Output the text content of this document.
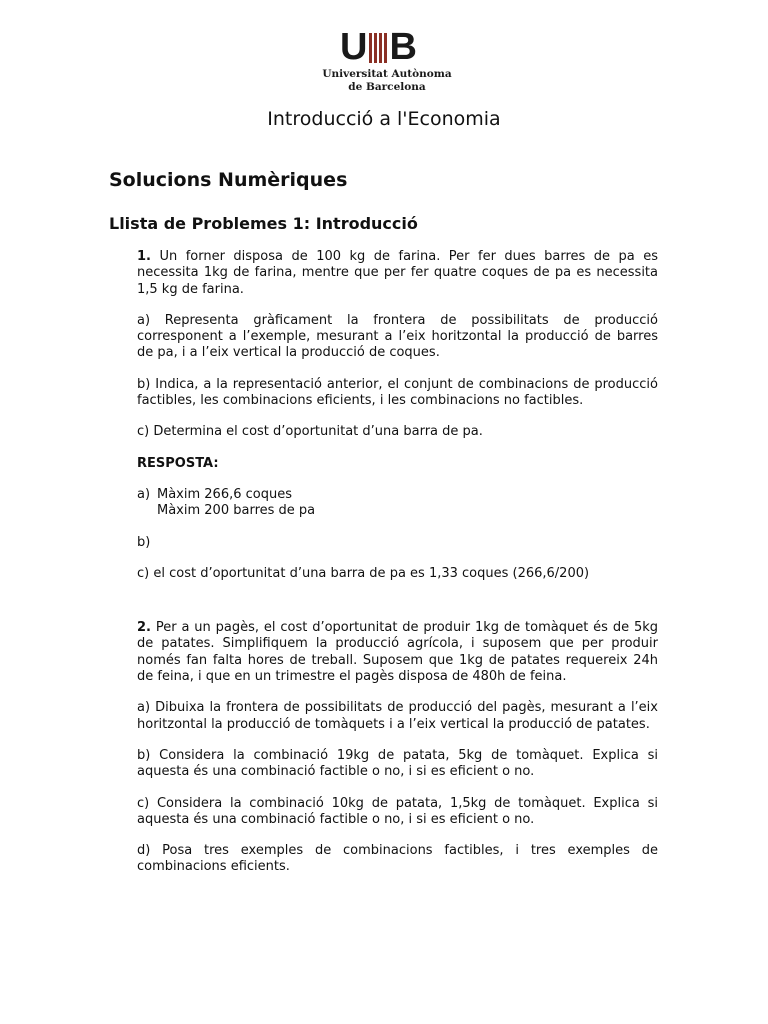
U B
Universitat Autònoma
de Barcelona
Introducció a l'Economia
Solucions Numèriques
Llista de Problemes 1: Introducció

1. Un forner disposa de 100 kg de farina. Per fer dues barres de pa es necessita 1kg de farina, mentre que per fer quatre coques de pa es necessita 1,5 kg de farina.

a) Representa gràficament la frontera de possibilitats de producció corresponent a l’exemple, mesurant a l’eix horitzontal la producció de barres de pa, i a l’eix vertical la producció de coques.

b) Indica, a la representació anterior, el conjunt de combinacions de producció factibles, les combinacions eficients, i les combinacions no factibles.

c) Determina el cost d’oportunitat d’una barra de pa.

RESPOSTA:

a) Màxim 266,6 coques
Màxim 200 barres de pa

b)

c) el cost d’oportunitat d’una barra de pa es 1,33 coques (266,6/200)

2. Per a un pagès, el cost d’oportunitat de produir 1kg de tomàquet és de 5kg de patates. Simplifiquem la producció agrícola, i suposem que per produir només fan falta hores de treball. Suposem que 1kg de patates requereix 24h de feina, i que en un trimestre el pagès disposa de 480h de feina.

a) Dibuixa la frontera de possibilitats de producció del pagès, mesurant a l’eix horitzontal la producció de tomàquets i a l’eix vertical la producció de patates.

b) Considera la combinació 19kg de patata, 5kg de tomàquet. Explica si aquesta és una combinació factible o no, i si es eficient o no.

c) Considera la combinació 10kg de patata, 1,5kg de tomàquet. Explica si aquesta és una combinació factible o no, i si es eficient o no.

d) Posa tres exemples de combinacions factibles, i tres exemples de combinacions eficients.
